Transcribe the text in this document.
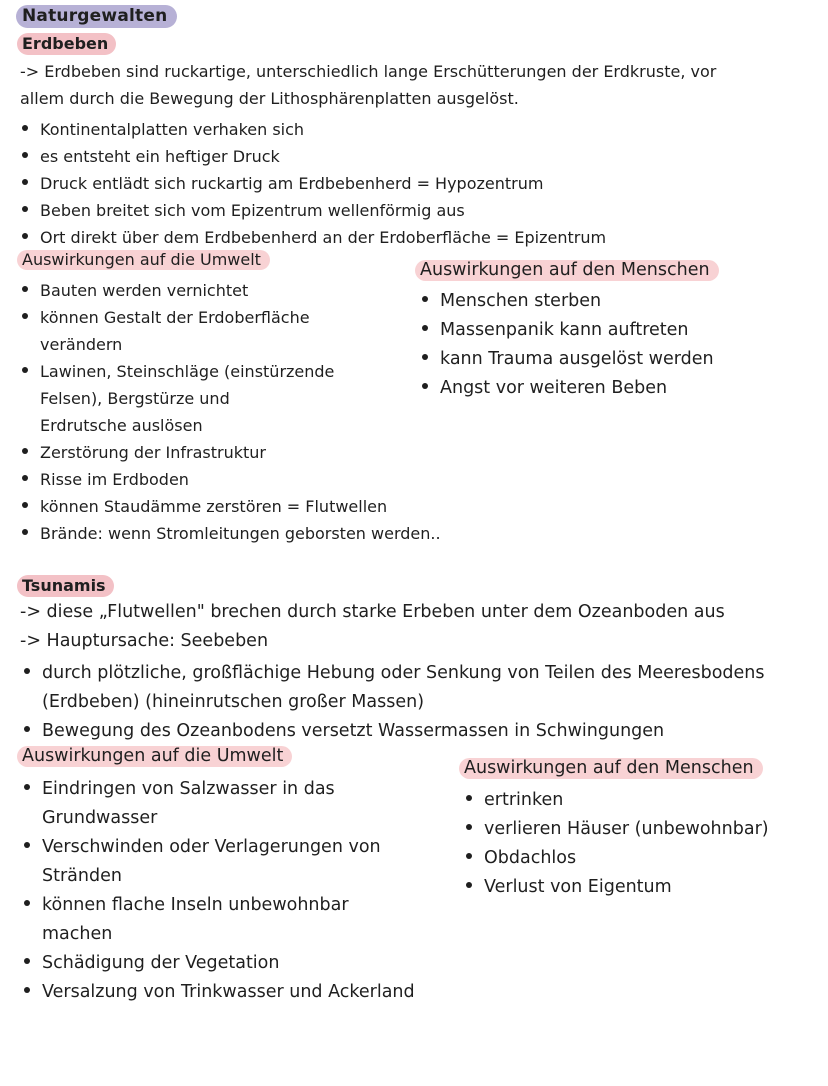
Naturgewalten
Erdbeben
-> Erdbeben sind ruckartige, unterschiedlich lange Erschütterungen der Erdkruste, vor
allem durch die Bewegung der Lithosphärenplatten ausgelöst.
Kontinentalplatten verhaken sich
es entsteht ein heftiger Druck
Druck entlädt sich ruckartig am Erdbebenherd = Hypozentrum
Beben breitet sich vom Epizentrum wellenförmig aus
Ort direkt über dem Erdbebenherd an der Erdoberfläche = Epizentrum
Auswirkungen auf die Umwelt
Bauten werden vernichtet
können Gestalt der Erdoberfläche
verändern
Lawinen, Steinschläge (einstürzende
Felsen), Bergstürze und
Erdrutsche auslösen
Zerstörung der Infrastruktur
Risse im Erdboden
können Staudämme zerstören = Flutwellen
Brände: wenn Stromleitungen geborsten werden..
Auswirkungen auf den Menschen
Menschen sterben
Massenpanik kann auftreten
kann Trauma ausgelöst werden
Angst vor weiteren Beben
Tsunamis
-> diese „Flutwellen" brechen durch starke Erbeben unter dem Ozeanboden aus
-> Hauptursache: Seebeben
durch plötzliche, großflächige Hebung oder Senkung von Teilen des Meeresbodens
(Erdbeben) (hineinrutschen großer Massen)
Bewegung des Ozeanbodens versetzt Wassermassen in Schwingungen
Auswirkungen auf die Umwelt
Eindringen von Salzwasser in das
Grundwasser
Verschwinden oder Verlagerungen von
Stränden
können flache Inseln unbewohnbar
machen
Schädigung der Vegetation
Versalzung von Trinkwasser und Ackerland
Auswirkungen auf den Menschen
ertrinken
verlieren Häuser (unbewohnbar)
Obdachlos
Verlust von Eigentum
